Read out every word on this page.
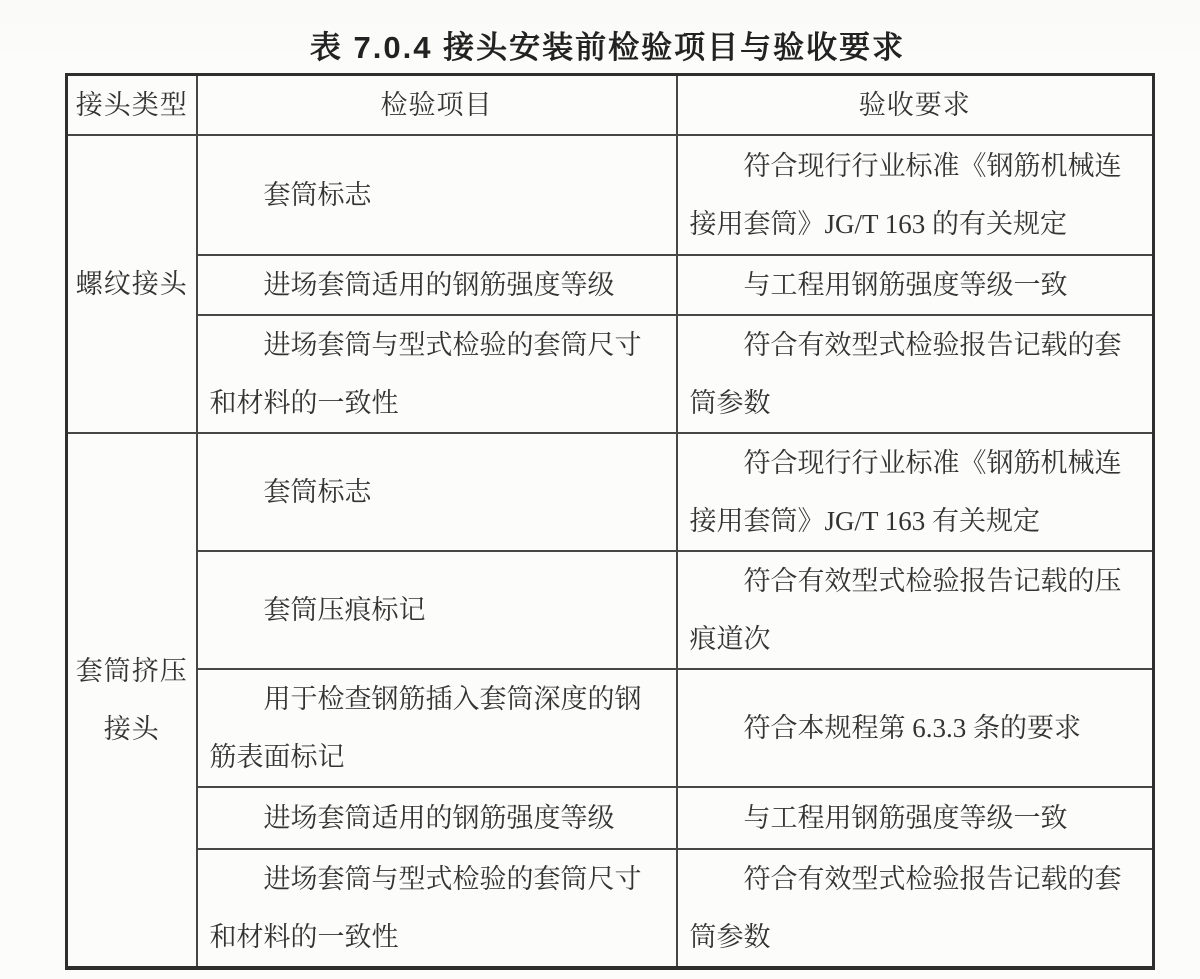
表 7.0.4 接头安装前检验项目与验收要求
接头类型	检验项目	验收要求
螺纹接头	套筒标志	符合现行行业标准《钢筋机械连接用套筒》JG/T 163 的有关规定
	进场套筒适用的钢筋强度等级	与工程用钢筋强度等级一致
	进场套筒与型式检验的套筒尺寸和材料的一致性	符合有效型式检验报告记载的套筒参数
套筒挤压接头	套筒标志	符合现行行业标准《钢筋机械连接用套筒》JG/T 163 有关规定
	套筒压痕标记	符合有效型式检验报告记载的压痕道次
	用于检查钢筋插入套筒深度的钢筋表面标记	符合本规程第 6.3.3 条的要求
	进场套筒适用的钢筋强度等级	与工程用钢筋强度等级一致
	进场套筒与型式检验的套筒尺寸和材料的一致性	符合有效型式检验报告记载的套筒参数
